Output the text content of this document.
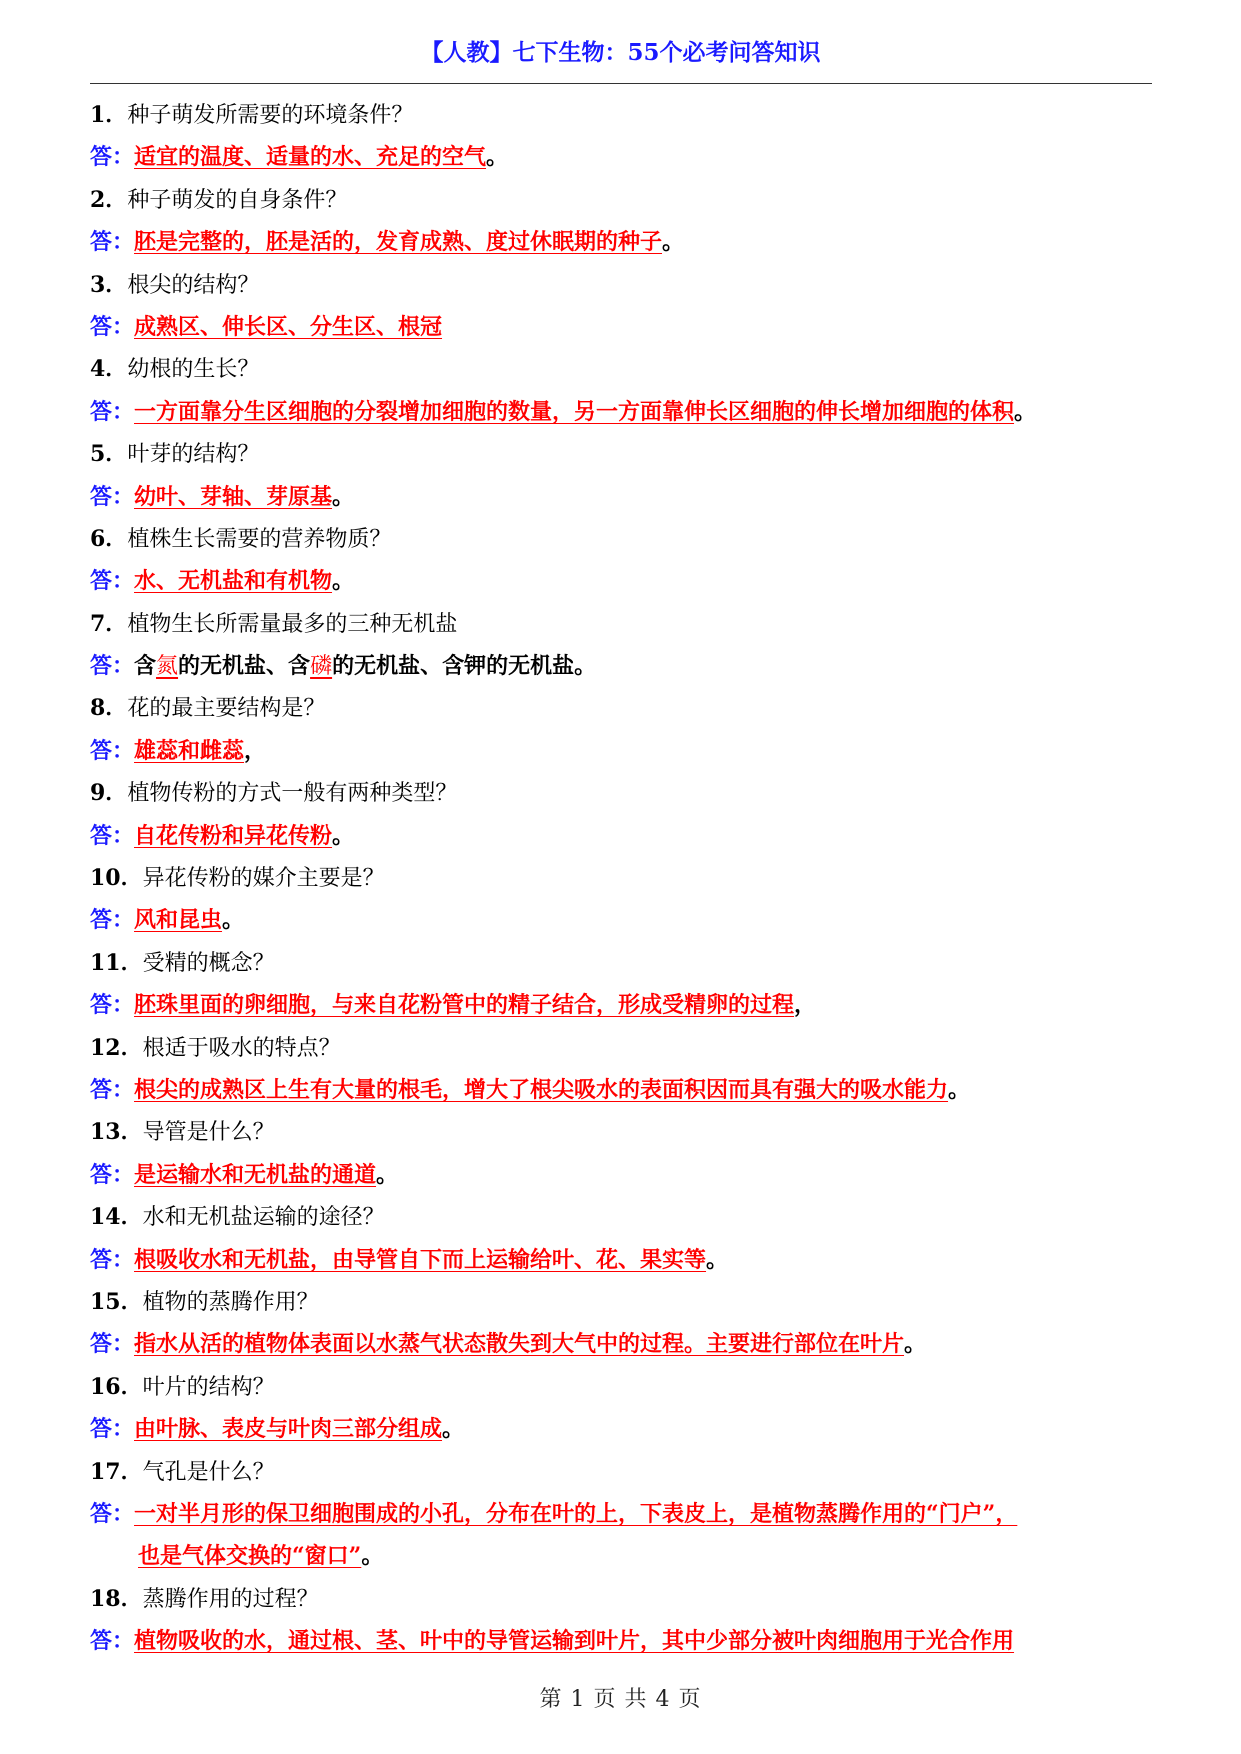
【人教】七下生物：55个必考问答知识
1．种子萌发所需要的环境条件？
答：适宜的温度、适量的水、充足的空气。
2．种子萌发的自身条件？
答：胚是完整的，胚是活的，发育成熟、度过休眠期的种子。
3．根尖的结构？
答：成熟区、伸长区、分生区、根冠
4．幼根的生长？
答：一方面靠分生区细胞的分裂增加细胞的数量，另一方面靠伸长区细胞的伸长增加细胞的体积。
5．叶芽的结构？
答：幼叶、芽轴、芽原基。
6．植株生长需要的营养物质？
答：水、无机盐和有机物。
7．植物生长所需量最多的三种无机盐
答：含氮的无机盐、含磷的无机盐、含钾的无机盐。
8．花的最主要结构是？
答：雄蕊和雌蕊，
9．植物传粉的方式一般有两种类型？
答：自花传粉和异花传粉。
10．异花传粉的媒介主要是？
答：风和昆虫。
11．受精的概念？
答：胚珠里面的卵细胞，与来自花粉管中的精子结合，形成受精卵的过程，
12．根适于吸水的特点？
答：根尖的成熟区上生有大量的根毛，增大了根尖吸水的表面积因而具有强大的吸水能力。
13．导管是什么？
答：是运输水和无机盐的通道。
14．水和无机盐运输的途径？
答：根吸收水和无机盐，由导管自下而上运输给叶、花、果实等。
15．植物的蒸腾作用？
答：指水从活的植物体表面以水蒸气状态散失到大气中的过程。主要进行部位在叶片。
16．叶片的结构？
答：由叶脉、表皮与叶肉三部分组成。
17．气孔是什么？
答：一对半月形的保卫细胞围成的小孔，分布在叶的上，下表皮上，是植物蒸腾作用的“门户”，
也是气体交换的“窗口”。
18．蒸腾作用的过程？
答：植物吸收的水，通过根、茎、叶中的导管运输到叶片，其中少部分被叶肉细胞用于光合作用
第 1 页 共 4 页
